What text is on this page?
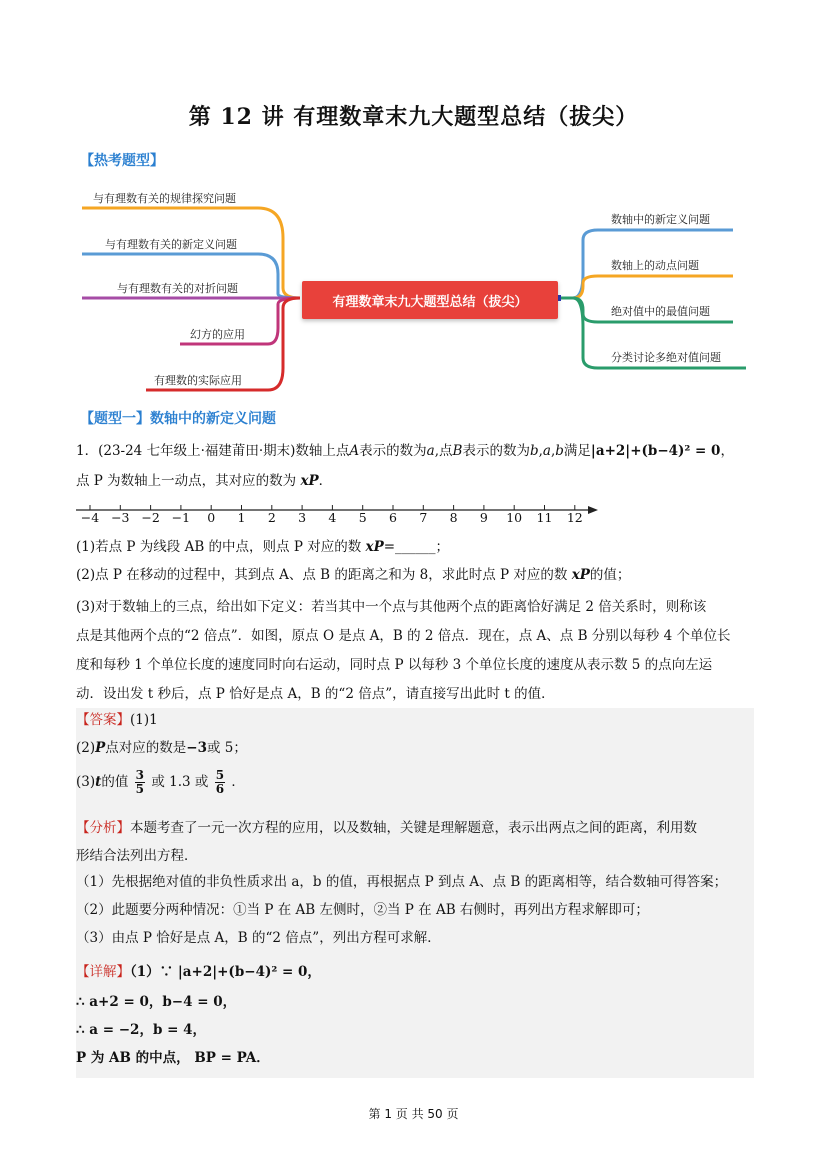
第 12 讲 有理数章末九大题型总结（拔尖）
【热考题型】
与有理数有关的规律探究问题
与有理数有关的新定义问题
与有理数有关的对折问题
幻方的应用
有理数的实际应用
有理数章末九大题型总结（拔尖）
数轴中的新定义问题
数轴上的动点问题
绝对值中的最值问题
分类讨论多绝对值问题
【题型一】数轴中的新定义问题
1．(23-24 七年级上·福建莆田·期末)数轴上点A表示的数为a,点B表示的数为b,a,b满足|a+2|+(b−4)² = 0，
点 P 为数轴上一动点，其对应的数为 xP．
−4 −3 −2 −1	0	1	2	3	4	5	6	7	8	9	10	11	12
(1)若点 P 为线段 AB 的中点，则点 P 对应的数 xP=______；
(2)点 P 在移动的过程中，其到点 A、点 B 的距离之和为 8，求此时点 P 对应的数 xP的值；
(3)对于数轴上的三点，给出如下定义：若当其中一个点与其他两个点的距离恰好满足 2 倍关系时，则称该
点是其他两个点的“2 倍点”．如图，原点 O 是点 A，B 的 2 倍点．现在，点 A、点 B 分别以每秒 4 个单位长
度和每秒 1 个单位长度的速度同时向右运动，同时点 P 以每秒 3 个单位长度的速度从表示数 5 的点向左运
动．设出发 t 秒后，点 P 恰好是点 A，B 的“2 倍点”，请直接写出此时 t 的值．
【答案】(1)1
(2)P点对应的数是−3或 5；
(3)t的值 $\frac{3}{5}$ 或 1.3 或 $\frac{5}{6}$ ．
【分析】本题考查了一元一次方程的应用，以及数轴，关键是理解题意，表示出两点之间的距离，利用数
形结合法列出方程．
（1）先根据绝对值的非负性质求出 a，b 的值，再根据点 P 到点 A、点 B 的距离相等，结合数轴可得答案；
（2）此题要分两种情况：①当 P 在 AB 左侧时，②当 P 在 AB 右侧时，再列出方程求解即可；
（3）由点 P 恰好是点 A，B 的“2 倍点”，列出方程可求解．
【详解】（1）∵ |a+2|+(b−4)² = 0，
∴ a+2 = 0，b−4 = 0，
∴ a = −2，b = 4，
P 为 AB 的中点， BP = PA．
第 1 页 共 50 页
